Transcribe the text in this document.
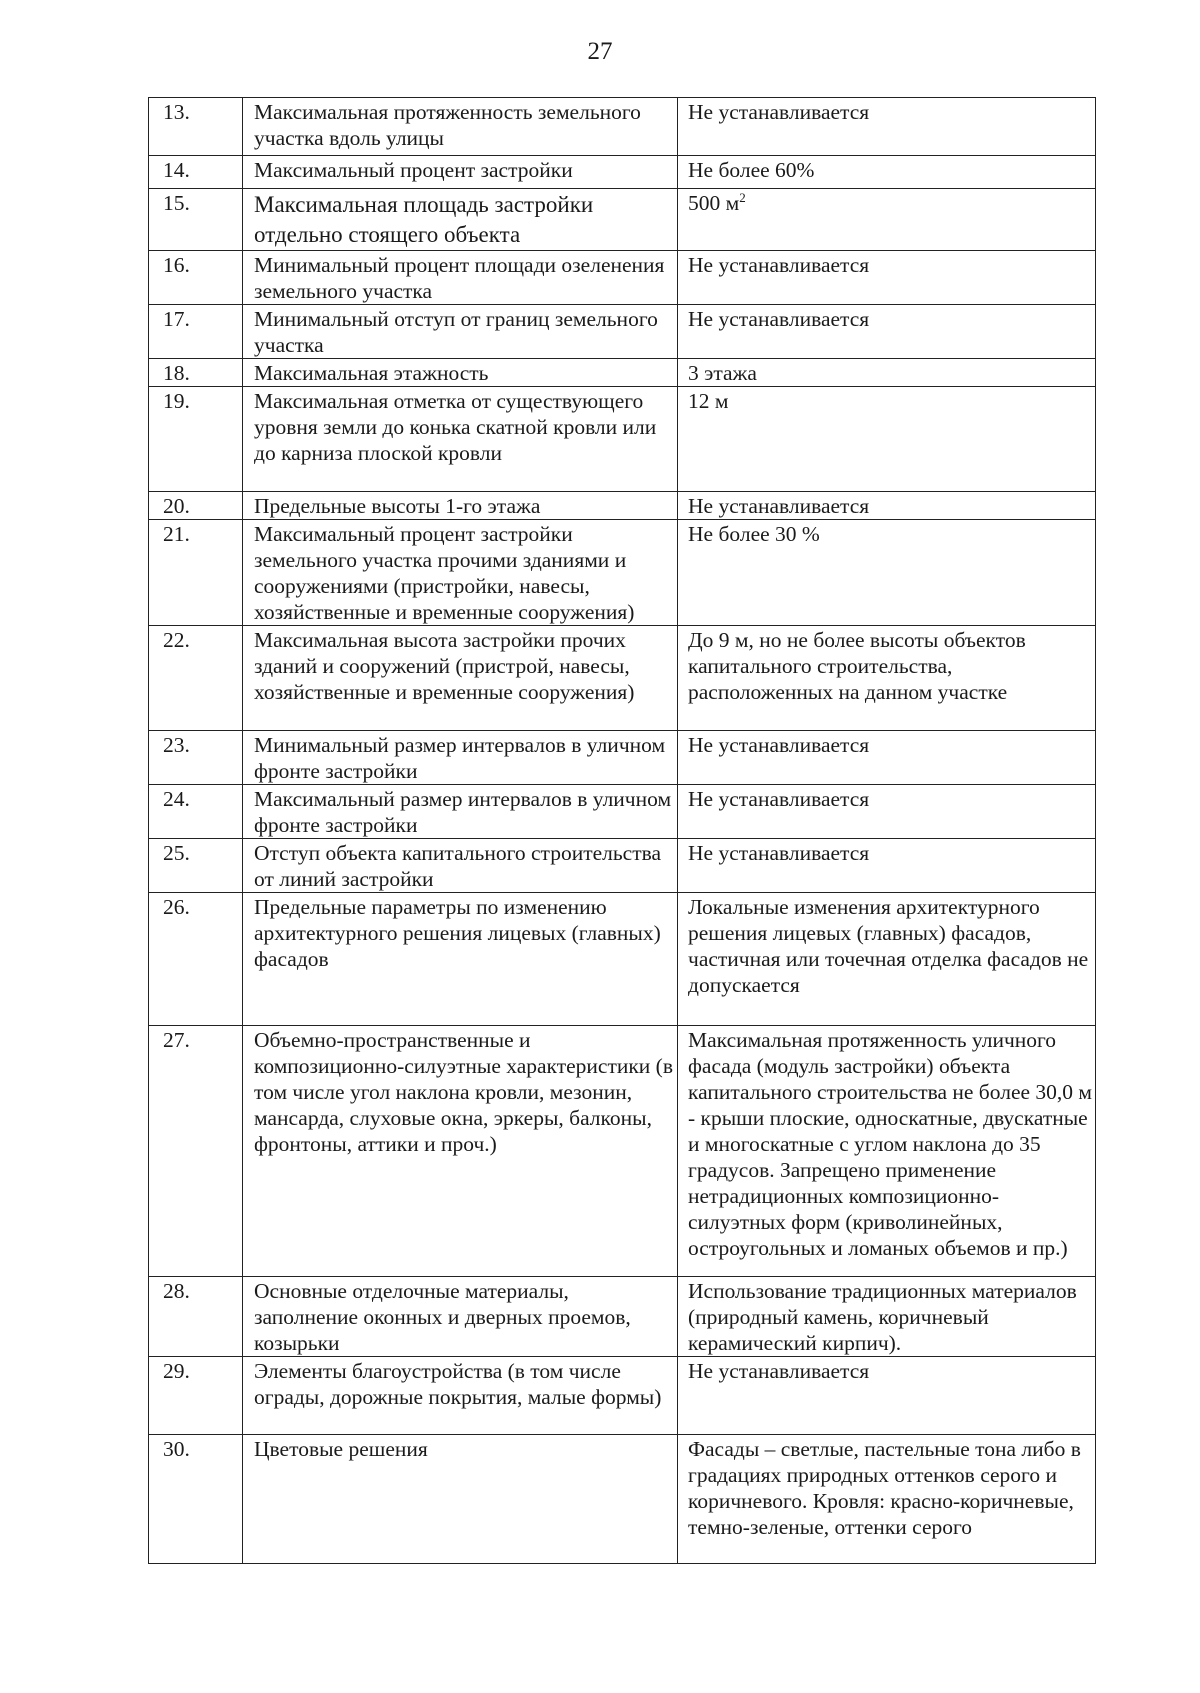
27
13.	Максимальная протяженность земельного участка вдоль улицы	Не устанавливается
14.	Максимальный процент застройки	Не более 60%
15.	Максимальная площадь застройки отдельно стоящего объекта	500 $м^2$
16.	Минимальный процент площади озеленения земельного участка	Не устанавливается
17.	Минимальный отступ от границ земельного участка	Не устанавливается
18.	Максимальная этажность	3 этажа
19.	Максимальная отметка от существующего уровня земли до конька скатной кровли или до карниза плоской кровли	12 м
20.	Предельные высоты 1-го этажа	Не устанавливается
21.	Максимальный процент застройки земельного участка прочими зданиями и сооружениями (пристройки, навесы, хозяйственные и временные сооружения)	Не более 30 %
22.	Максимальная высота застройки прочих зданий и сооружений (пристрой, навесы, хозяйственные и временные сооружения)	До 9 м, но не более высоты объектов капитального строительства, расположенных на данном участке
23.	Минимальный размер интервалов в уличном фронте застройки	Не устанавливается
24.	Максимальный размер интервалов в уличном фронте застройки	Не устанавливается
25.	Отступ объекта капитального строительства от линий застройки	Не устанавливается
26.	Предельные параметры по изменению архитектурного решения лицевых (главных) фасадов	Локальные изменения архитектурного решения лицевых (главных) фасадов, частичная или точечная отделка фасадов не допускается
27.	Объемно-пространственные и композиционно-силуэтные характеристики (в том числе угол наклона кровли, мезонин, мансарда, слуховые окна, эркеры, балконы, фронтоны, аттики и проч.)	Максимальная протяженность уличного фасада (модуль застройки) объекта капитального строительства не более 30,0 м - крыши плоские, односкатные, двускатные и многоскатные с углом наклона до 35 градусов. Запрещено применение нетрадиционных композиционно-силуэтных форм (криволинейных, остроугольных и ломаных объемов и пр.)
28.	Основные отделочные материалы, заполнение оконных и дверных проемов, козырьки	Использование традиционных материалов (природный камень, коричневый керамический кирпич).
29.	Элементы благоустройства (в том числе ограды, дорожные покрытия, малые формы)	Не устанавливается
30.	Цветовые решения	Фасады – светлые, пастельные тона либо в градациях природных оттенков серого и коричневого. Кровля: красно-коричневые, темно-зеленые, оттенки серого
